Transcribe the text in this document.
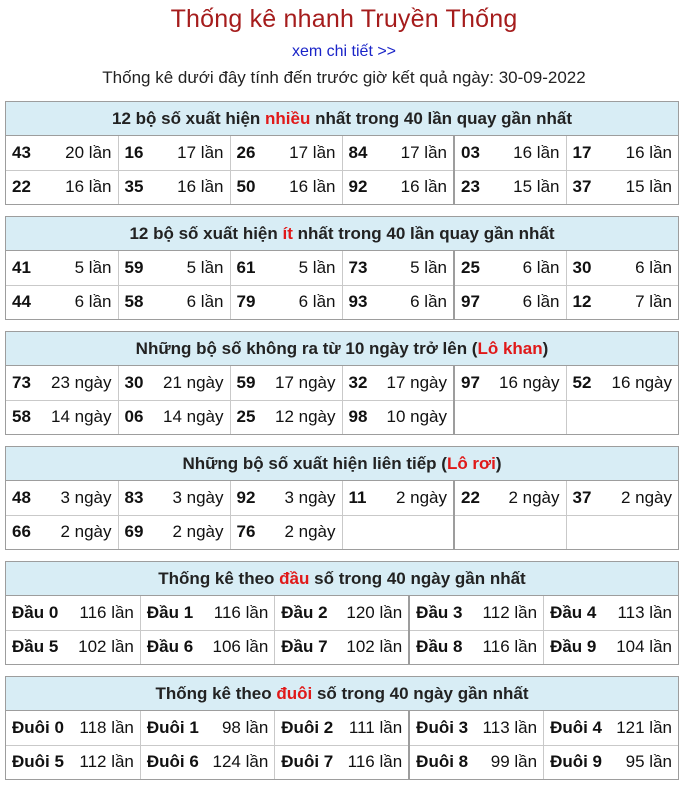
Thống kê nhanh Truyền Thống
xem chi tiết >>
Thống kê dưới đây tính đến trước giờ kết quả ngày: 30-09-2022
12 bộ số xuất hiện nhiều nhất trong 40 lần quay gần nhất
43 20 lần	16 17 lần	26 17 lần	84 17 lần	03 16 lần	17 16 lần

22 16 lần	35 16 lần	50 16 lần	92 16 lần	23 15 lần	37 15 lần
12 bộ số xuất hiện ít nhất trong 40 lần quay gần nhất
41 5 lần	59 5 lần	61 5 lần	73 5 lần	25 6 lần	30 6 lần

44 6 lần	58 6 lần	79 6 lần	93 6 lần	97 6 lần	12 7 lần
Những bộ số không ra từ 10 ngày trở lên (Lô khan)
73 23 ngày	30 21 ngày	59 17 ngày	32 17 ngày	97 16 ngày	52 16 ngày

58 14 ngày	06 14 ngày	25 12 ngày	98 10 ngày		

Những bộ số xuất hiện liên tiếp (Lô rơi)
48 3 ngày	83 3 ngày	92 3 ngày	11 2 ngày	22 2 ngày	37 2 ngày

66 2 ngày	69 2 ngày	76 2 ngày			

Thống kê theo đầu số trong 40 ngày gần nhất
Đầu 0 116 lần	Đầu 1 116 lần	Đầu 2 120 lần	Đầu 3 112 lần	Đầu 4 113 lần

Đầu 5 102 lần	Đầu 6 106 lần	Đầu 7 102 lần	Đầu 8 116 lần	Đầu 9 104 lần
Thống kê theo đuôi số trong 40 ngày gần nhất
Đuôi 0 118 lần	Đuôi 1 98 lần	Đuôi 2 111 lần	Đuôi 3 113 lần	Đuôi 4 121 lần

Đuôi 5 112 lần	Đuôi 6 124 lần	Đuôi 7 116 lần	Đuôi 8 99 lần	Đuôi 9 95 lần
